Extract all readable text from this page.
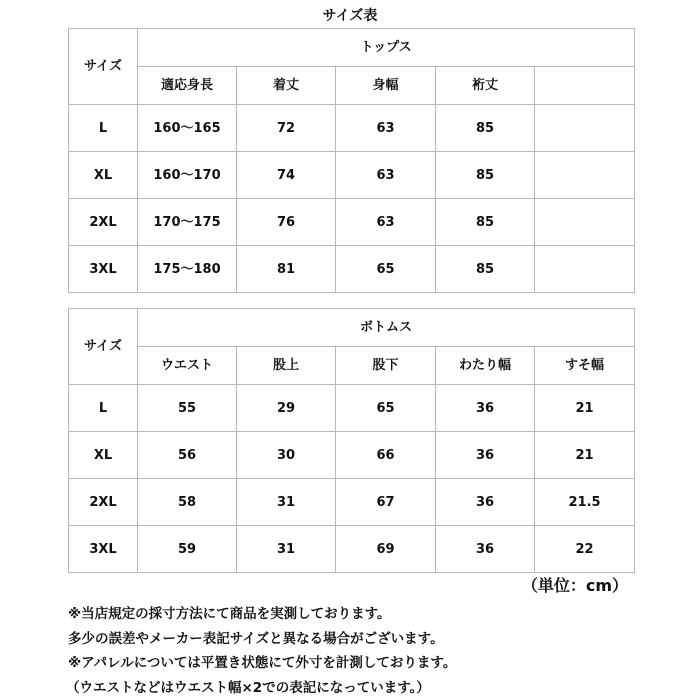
サイズ表
サイズ	トップス				
	適応身長	着丈	身幅	裄丈	
L	160〜165	72	63	85	
XL	160〜170	74	63	85	
2XL	170〜175	76	63	85	
3XL	175〜180	81	65	85	
サイズ	ボトムス				
	ウエスト	股上	股下	わたり幅	すそ幅
L	55	29	65	36	21
XL	56	30	66	36	21
2XL	58	31	67	36	21.5
3XL	59	31	69	36	22
（単位：cm）
※当店規定の採寸方法にて商品を実測しております。
多少の誤差やメーカー表記サイズと異なる場合がございます。
※アパレルについては平置き状態にて外寸を計測しております。
（ウエストなどはウエスト幅×2での表記になっています。）
